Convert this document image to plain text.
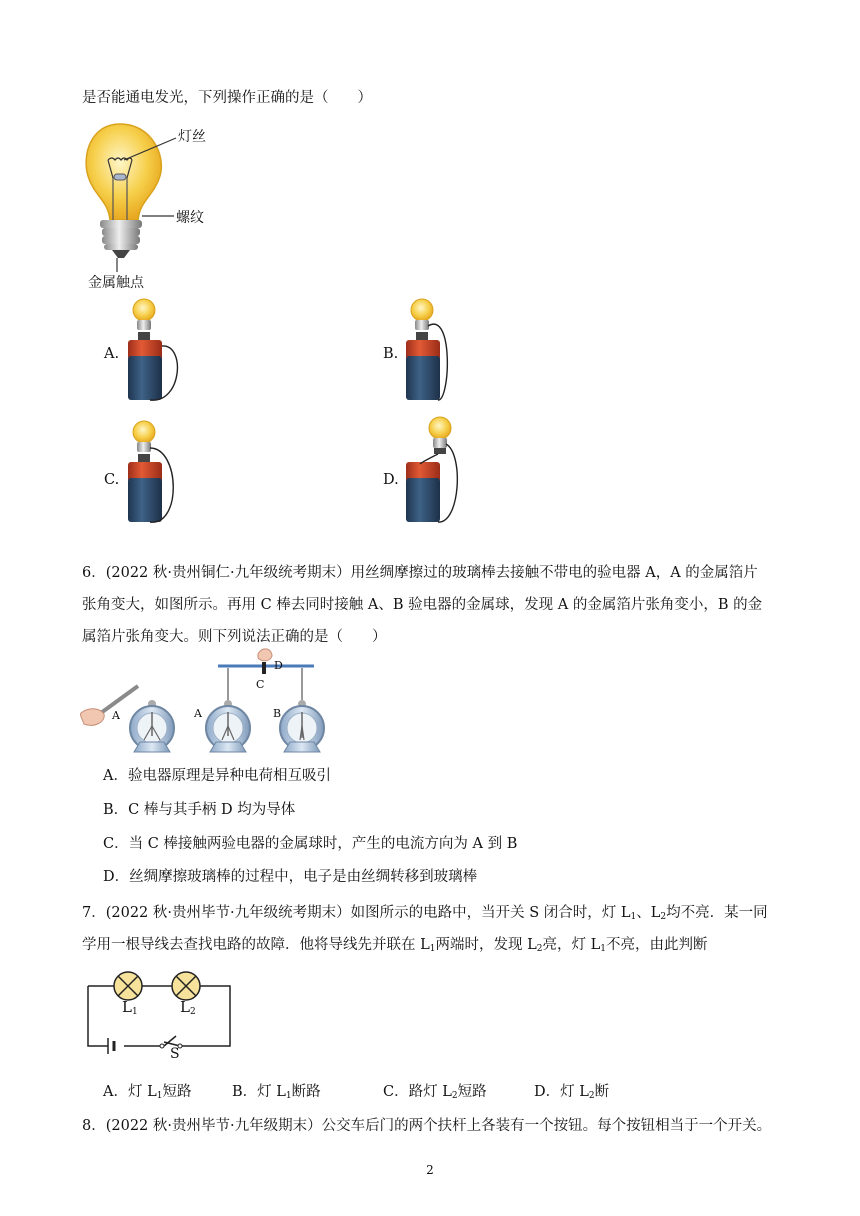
是否能通电发光，下列操作正确的是（　　）
灯丝
螺纹
金属触点
A.	B.
C.	D.
6．(2022 秋·贵州铜仁·九年级统考期末）用丝绸摩擦过的玻璃棒去接触不带电的验电器 A，A 的金属箔片
张角变大，如图所示。再用 C 棒去同时接触 A、B 验电器的金属球，发现 A 的金属箔片张角变小，B 的金
属箔片张角变大。则下列说法正确的是（　　）
A	A	B
C
D
A．验电器原理是异种电荷相互吸引
B．C 棒与其手柄 D 均为导体
C．当 C 棒接触两验电器的金属球时，产生的电流方向为 A 到 B
D．丝绸摩擦玻璃棒的过程中，电子是由丝绸转移到玻璃棒
7．(2022 秋·贵州毕节·九年级统考期末）如图所示的电路中，当开关 S 闭合时，灯 $L_1$、$L_2$均不亮．某一同
学用一根导线去查找电路的故障．他将导线先并联在 $L_1$两端时，发现 $L_2$亮，灯 $L_1$不亮，由此判断
$L_1$	$L_2$
S
A．灯 $L_1$短路	B．灯 $L_1$断路	C．路灯 $L_2$短路	D．灯 $L_2$断
8．(2022 秋·贵州毕节·九年级期末）公交车后门的两个扶杆上各装有一个按钮。每个按钮相当于一个开关。
2
